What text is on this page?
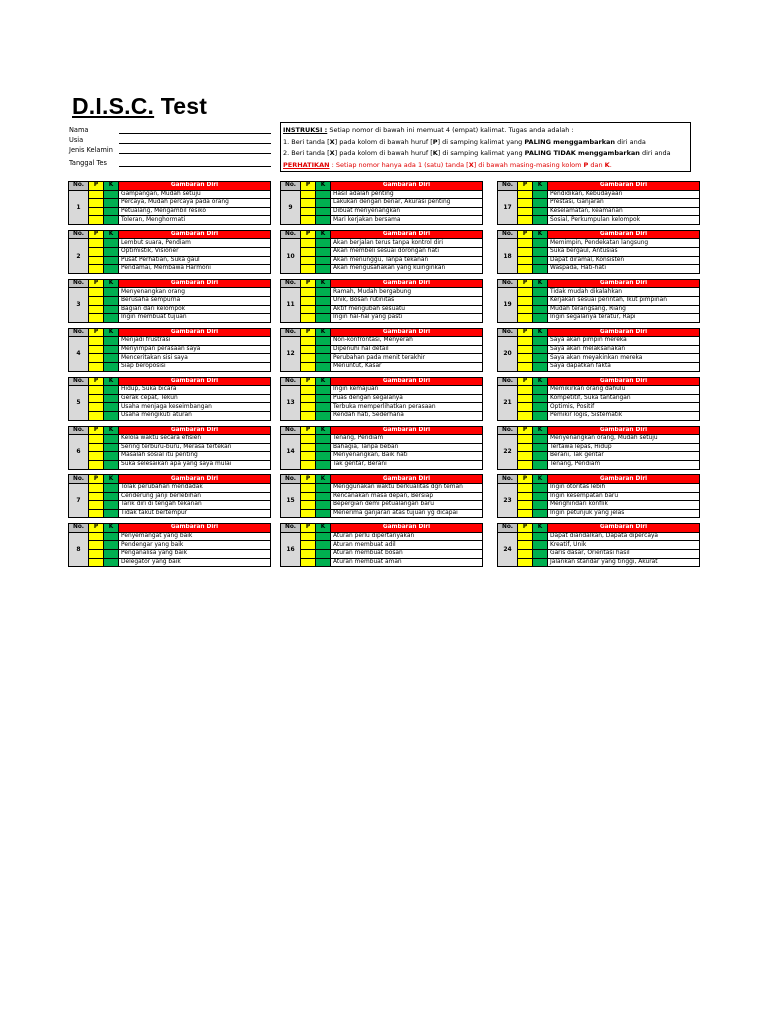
D.I.S.C. Test
Nama
Usia
Jenis Kelamin
Tanggal Tes
INSTRUKSI : Setiap nomor di bawah ini memuat 4 (empat) kalimat. Tugas anda adalah :
1. Beri tanda [X] pada kolom di bawah huruf [P] di samping kalimat yang PALING menggambarkan diri anda
2. Beri tanda [X] pada kolom di bawah huruf [K] di samping kalimat yang PALING TIDAK menggambarkan diri anda
PERHATIKAN : Setiap nomor hanya ada 1 (satu) tanda [X] di bawah masing-masing kolom P dan K.
No.	P	K	Gambaran Diri
1			Gampangan, Mudah setuju
			Percaya, Mudah percaya pada orang
			Petualang, Mengambil resiko
			Toleran, Menghormati
No.	P	K	Gambaran Diri
2			Lembut suara, Pendiam
			Optimistik, Visioner
			Pusat Perhatian, Suka gaul
			Pendamai, Membawa Harmoni
No.	P	K	Gambaran Diri
3			Menyenangkan orang
			Berusaha sempurna
			Bagian dari kelompok
			Ingin membuat tujuan
No.	P	K	Gambaran Diri
4			Menjadi frustrasi
			Menyimpan perasaan saya
			Menceritakan sisi saya
			Siap beroposisi
No.	P	K	Gambaran Diri
5			Hidup, Suka bicara
			Gerak cepat, Tekun
			Usaha menjaga keseimbangan
			Usaha mengikuti aturan
No.	P	K	Gambaran Diri
6			Kelola waktu secara efisien
			Sering terburu-buru, Merasa tertekan
			Masalah sosial itu penting
			Suka selesaikan apa yang saya mulai
No.	P	K	Gambaran Diri
7			Tolak perubahan mendadak
			Cenderung janji berlebihan
			Tarik diri di tengah tekanan
			Tidak takut bertempur
No.	P	K	Gambaran Diri
8			Penyemangat yang baik
			Pendengar yang baik
			Penganalisa yang baik
			Delegator yang baik
No.	P	K	Gambaran Diri
9			Hasil adalah penting
			Lakukan dengan benar, Akurasi penting
			Dibuat menyenangkan
			Mari kerjakan bersama
No.	P	K	Gambaran Diri
10			Akan berjalan terus tanpa kontrol diri
			Akan membeli sesuai dorongan hati
			Akan menunggu, Tanpa tekanan
			Akan mengusahakan yang kuinginkan
No.	P	K	Gambaran Diri
11			Ramah, Mudah bergabung
			Unik, Bosan rutinitas
			Aktif mengubah sesuatu
			Ingin hal-hal yang pasti
No.	P	K	Gambaran Diri
12			Non-konfrontasi, Menyerah
			Dipenuhi hal detail
			Perubahan pada menit terakhir
			Menuntut, Kasar
No.	P	K	Gambaran Diri
13			Ingin kemajuan
			Puas dengan segalanya
			Terbuka memperlihatkan perasaan
			Rendah hati, Sederhana
No.	P	K	Gambaran Diri
14			Tenang, Pendiam
			Bahagia, Tanpa beban
			Menyenangkan, Baik hati
			Tak gentar, Berani
No.	P	K	Gambaran Diri
15			Menggunakan waktu berkualitas dgn teman
			Rencanakan masa depan, Bersiap
			Bepergian demi petualangan baru
			Menerima ganjaran atas tujuan yg dicapai
No.	P	K	Gambaran Diri
16			Aturan perlu dipertanyakan
			Aturan membuat adil
			Aturan membuat bosan
			Aturan membuat aman
No.	P	K	Gambaran Diri
17			Pendidikan, Kebudayaan
			Prestasi, Ganjaran
			Keselamatan, keamanan
			Sosial, Perkumpulan kelompok
No.	P	K	Gambaran Diri
18			Memimpin, Pendekatan langsung
			Suka bergaul, Antusias
			Dapat diramal, Konsisten
			Waspada, Hati-hati
No.	P	K	Gambaran Diri
19			Tidak mudah dikalahkan
			Kerjakan sesuai perintah, Ikut pimpinan
			Mudah terangsang, Riang
			Ingin segalanya teratur, Rapi
No.	P	K	Gambaran Diri
20			Saya akan pimpin mereka
			Saya akan melaksanakan
			Saya akan meyakinkan mereka
			Saya dapatkan fakta
No.	P	K	Gambaran Diri
21			Memikirkan orang dahulu
			Kompetitif, Suka tantangan
			Optimis, Positif
			Pemikir logis, Sistematik
No.	P	K	Gambaran Diri
22			Menyenangkan orang, Mudah setuju
			Tertawa lepas, Hidup
			Berani, Tak gentar
			Tenang, Pendiam
No.	P	K	Gambaran Diri
23			Ingin otoritas lebih
			Ingin kesempatan baru
			Menghindari konflik
			Ingin petunjuk yang jelas
No.	P	K	Gambaran Diri
24			Dapat diandalkan, Dapata dipercaya
			Kreatif, Unik
			Garis dasar, Orientasi hasil
			Jalankan standar yang tinggi, Akurat
